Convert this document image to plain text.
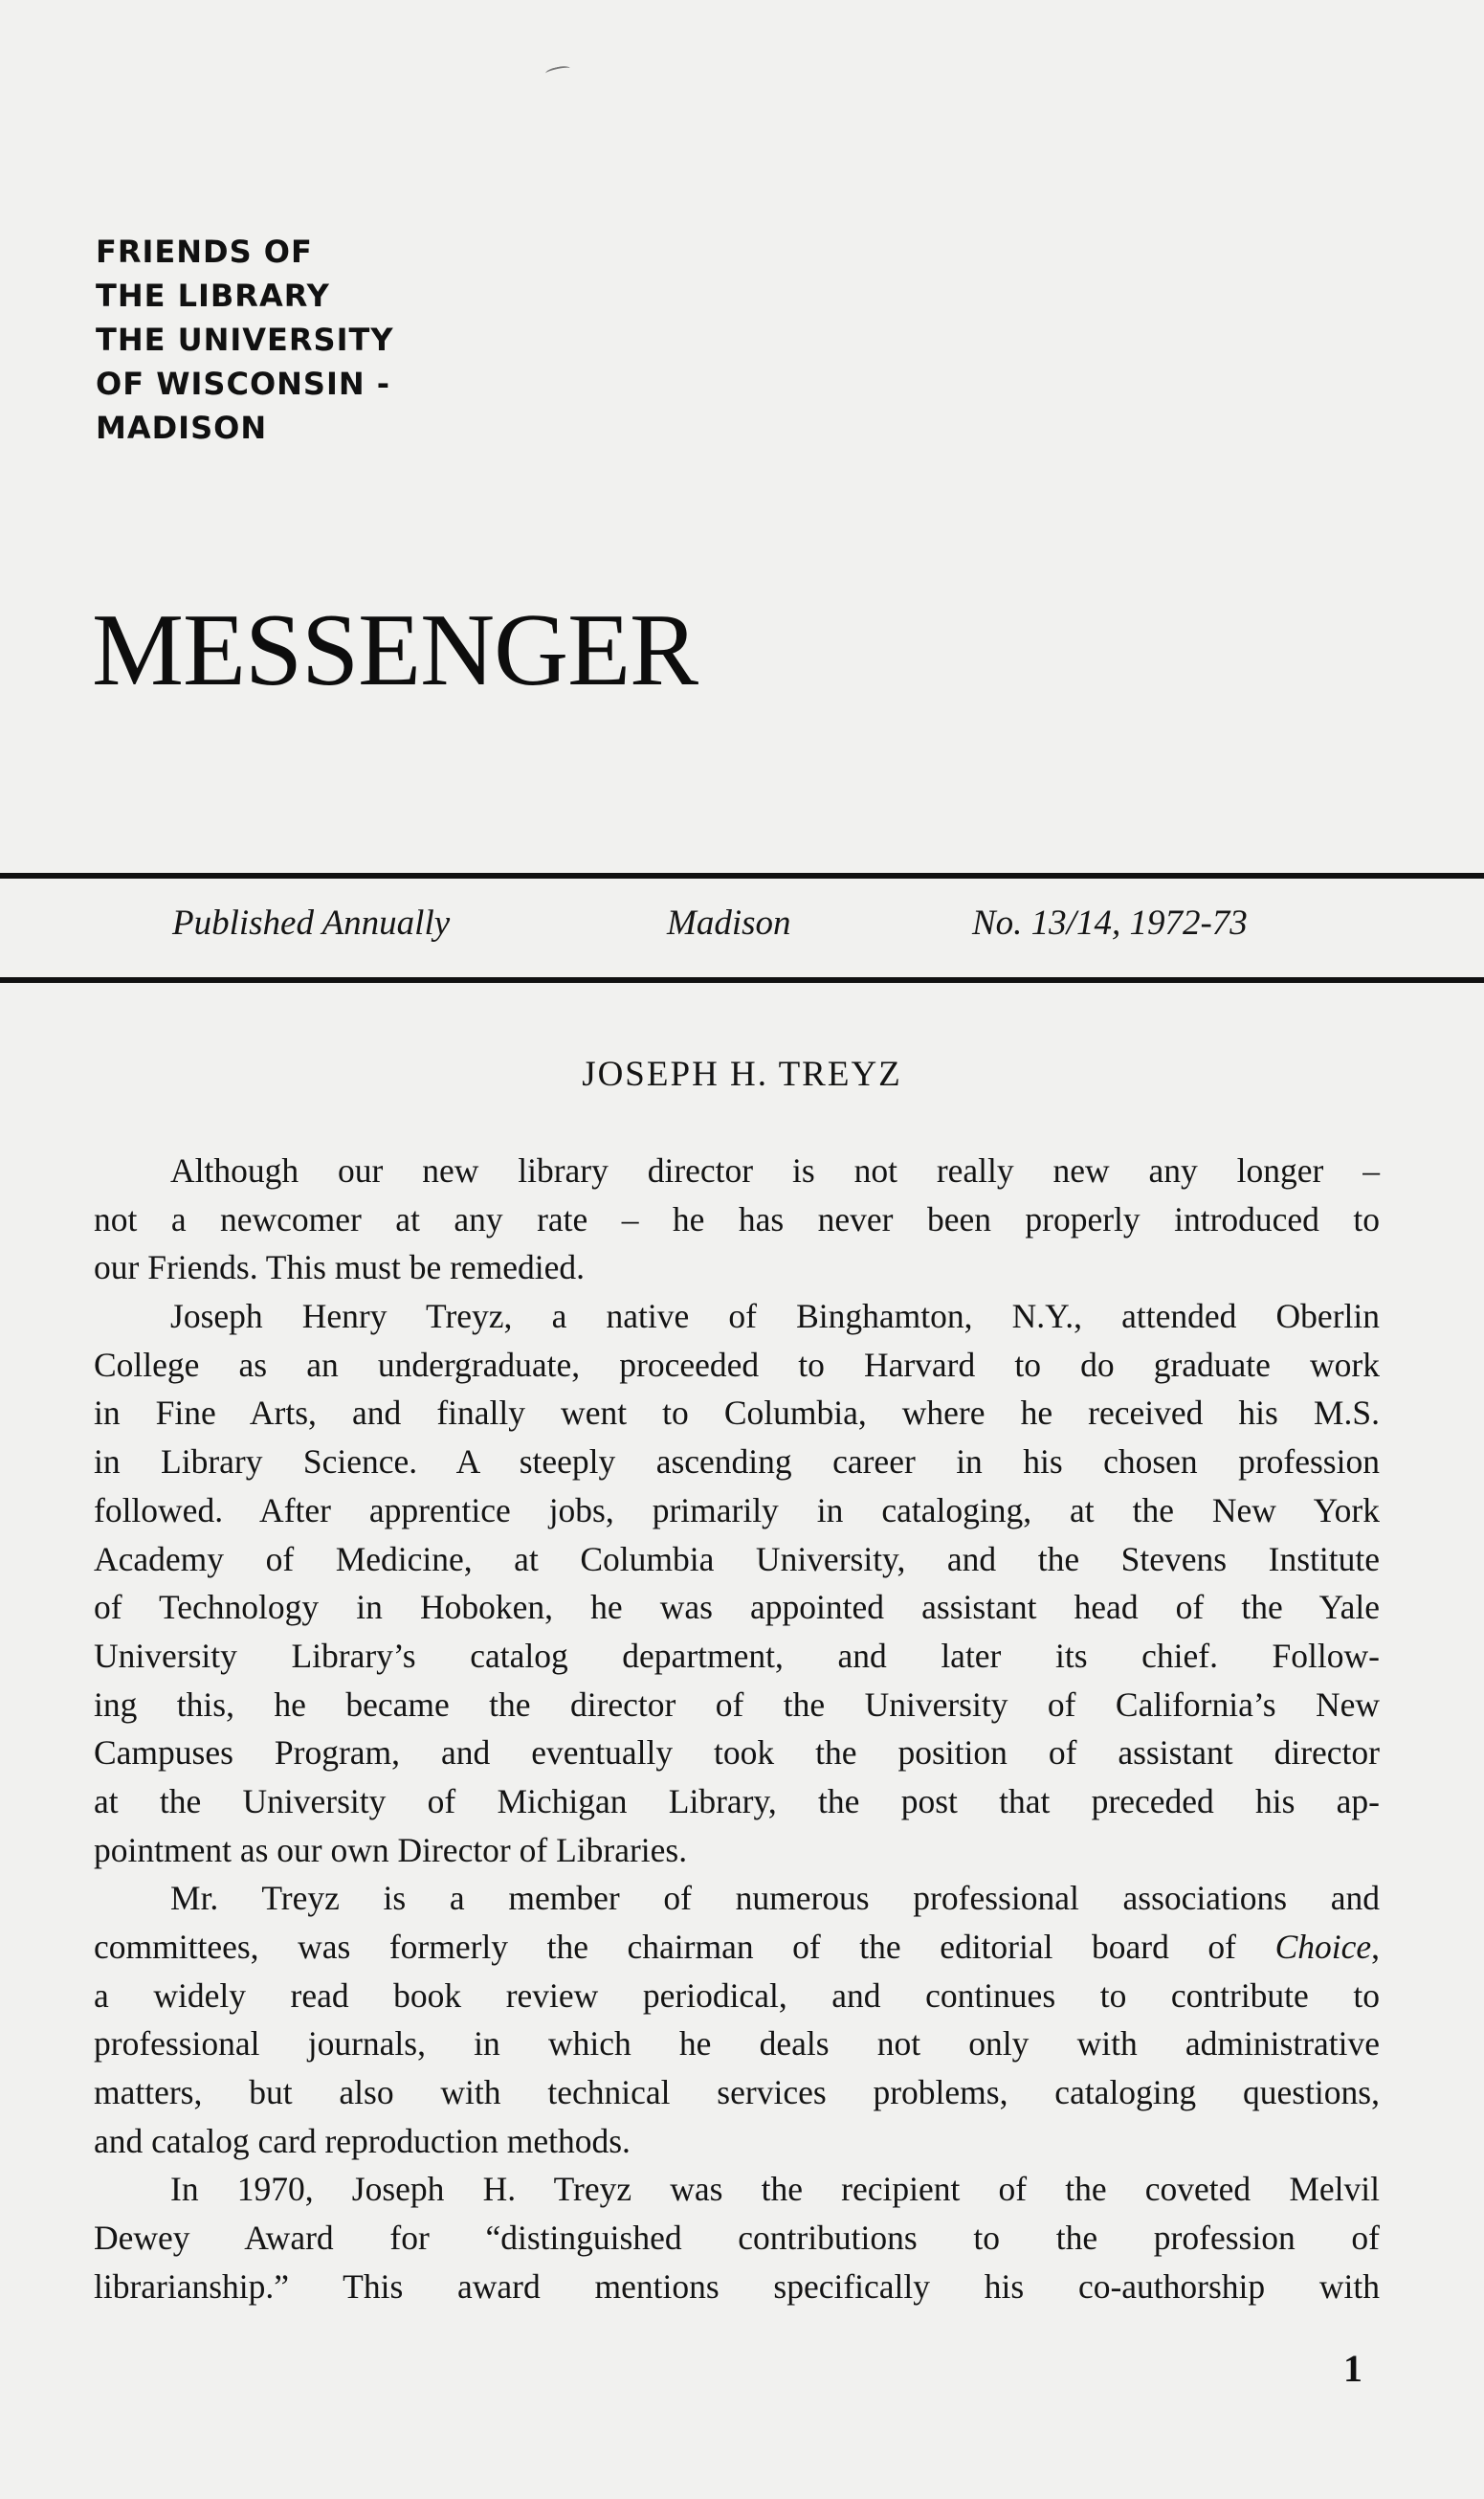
FRIENDS OF
THE LIBRARY
THE UNIVERSITY
OF WISCONSIN -
MADISON
MESSENGER
Published Annually	Madison	No. 13/14, 1972-73
JOSEPH H. TREYZ
Although our new library director is not really new any longer –
not a newcomer at any rate – he has never been properly introduced to
our Friends. This must be remedied.
Joseph Henry Treyz, a native of Binghamton, N.Y., attended Oberlin
College as an undergraduate, proceeded to Harvard to do graduate work
in Fine Arts, and finally went to Columbia, where he received his M.S.
in Library Science. A steeply ascending career in his chosen profession
followed. After apprentice jobs, primarily in cataloging, at the New York
Academy of Medicine, at Columbia University, and the Stevens Institute
of Technology in Hoboken, he was appointed assistant head of the Yale
University Library’s catalog department, and later its chief. Follow-
ing this, he became the director of the University of California’s New
Campuses Program, and eventually took the position of assistant director
at the University of Michigan Library, the post that preceded his ap-
pointment as our own Director of Libraries.
Mr. Treyz is a member of numerous professional associations and
committees, was formerly the chairman of the editorial board of Choice,
a widely read book review periodical, and continues to contribute to
professional journals, in which he deals not only with administrative
matters, but also with technical services problems, cataloging questions,
and catalog card reproduction methods.
In 1970, Joseph H. Treyz was the recipient of the coveted Melvil
Dewey Award for “distinguished contributions to the profession of
librarianship.” This award mentions specifically his co-authorship with
1
